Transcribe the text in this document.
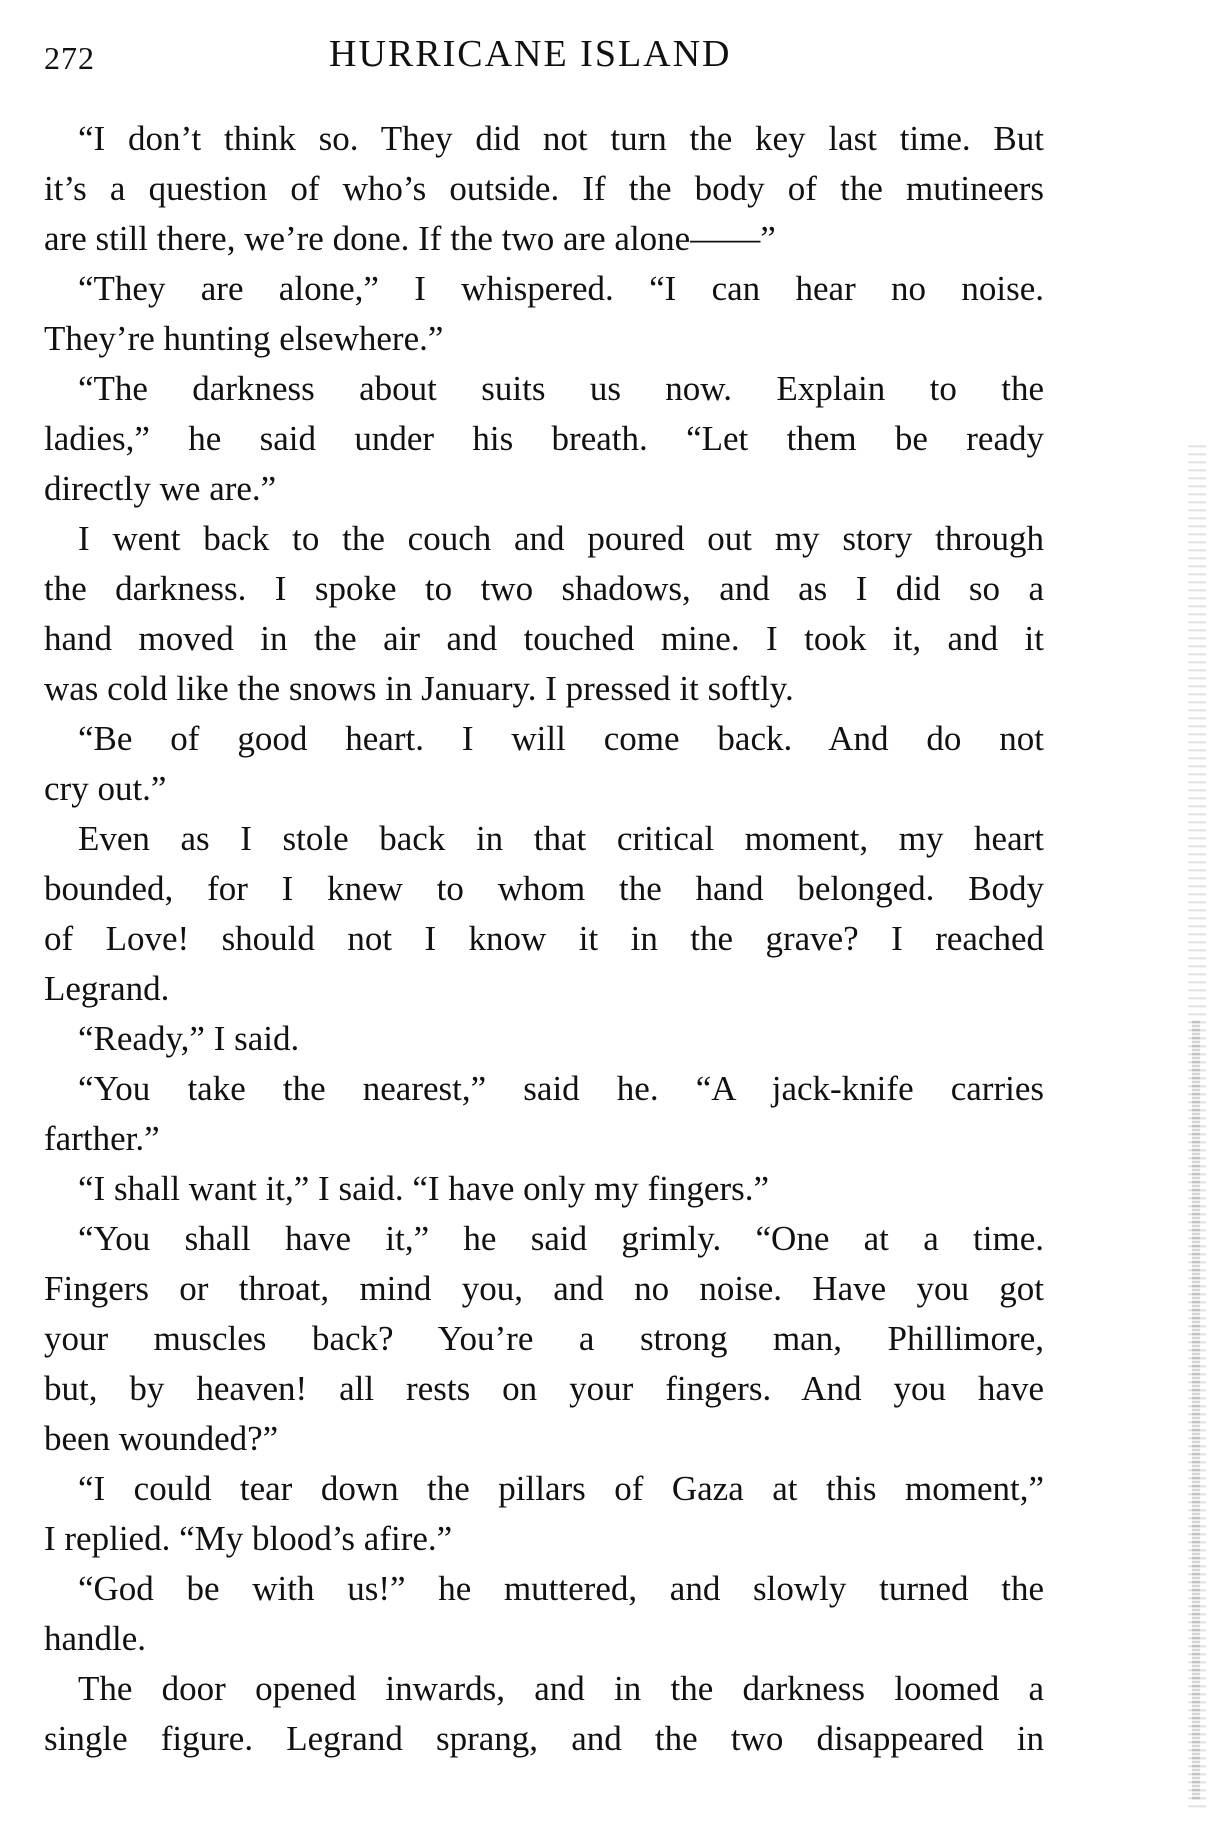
272	HURRICANE ISLAND
“I don’t think so. They did not turn the key last time. But
it’s a question of who’s outside. If the body of the mutineers
are still there, we’re done. If the two are alone——”
“They are alone,” I whispered. “I can hear no noise.
They’re hunting elsewhere.”
“The darkness about suits us now. Explain to the
ladies,” he said under his breath. “Let them be ready
directly we are.”
I went back to the couch and poured out my story through
the darkness. I spoke to two shadows, and as I did so a
hand moved in the air and touched mine. I took it, and it
was cold like the snows in January. I pressed it softly.
“Be of good heart. I will come back. And do not
cry out.”
Even as I stole back in that critical moment, my heart
bounded, for I knew to whom the hand belonged. Body
of Love! should not I know it in the grave? I reached
Legrand.
“Ready,” I said.
“You take the nearest,” said he. “A jack-knife carries
farther.”
“I shall want it,” I said. “I have only my fingers.”
“You shall have it,” he said grimly. “One at a time.
Fingers or throat, mind you, and no noise. Have you got
your muscles back? You’re a strong man, Phillimore,
but, by heaven! all rests on your fingers. And you have
been wounded?”
“I could tear down the pillars of Gaza at this moment,”
I replied. “My blood’s afire.”
“God be with us!” he muttered, and slowly turned the
handle.
The door opened inwards, and in the darkness loomed a
single figure. Legrand sprang, and the two disappeared in
